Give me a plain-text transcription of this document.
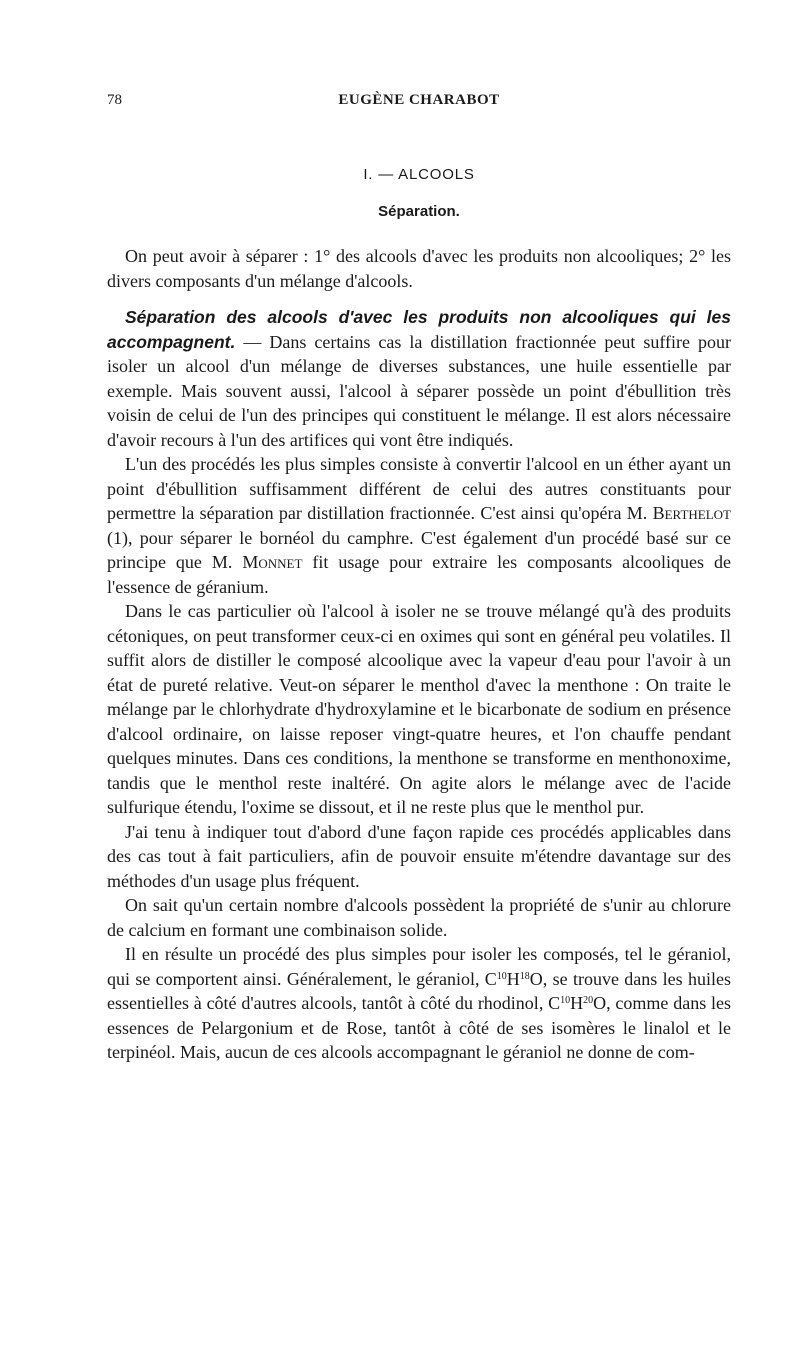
78	EUGÈNE CHARABOT
I. — ALCOOLS
Séparation.

On peut avoir à séparer : 1° des alcools d'avec les produits non alcooliques; 2° les divers composants d'un mélange d'alcools.

Séparation des alcools d'avec les produits non alcooliques qui les accompagnent. — Dans certains cas la distillation fractionnée peut suffire pour isoler un alcool d'un mélange de diverses substances, une huile essentielle par exemple. Mais souvent aussi, l'alcool à séparer possède un point d'ébullition très voisin de celui de l'un des principes qui constituent le mélange. Il est alors nécessaire d'avoir recours à l'un des artifices qui vont être indiqués.

L'un des procédés les plus simples consiste à convertir l'alcool en un éther ayant un point d'ébullition suffisamment différent de celui des autres constituants pour permettre la séparation par distillation fractionnée. C'est ainsi qu'opéra M. Berthelot (1), pour séparer le bornéol du camphre. C'est également d'un procédé basé sur ce principe que M. Monnet fit usage pour extraire les composants alcooliques de l'essence de géranium.

Dans le cas particulier où l'alcool à isoler ne se trouve mélangé qu'à des produits cétoniques, on peut transformer ceux-ci en oximes qui sont en général peu volatiles. Il suffit alors de distiller le composé alcoolique avec la vapeur d'eau pour l'avoir à un état de pureté relative. Veut-on séparer le menthol d'avec la menthone : On traite le mélange par le chlorhydrate d'hydroxylamine et le bicarbonate de sodium en présence d'alcool ordinaire, on laisse reposer vingt-quatre heures, et l'on chauffe pendant quelques minutes. Dans ces conditions, la menthone se transforme en menthonoxime, tandis que le menthol reste inaltéré. On agite alors le mélange avec de l'acide sulfurique étendu, l'oxime se dissout, et il ne reste plus que le menthol pur.

J'ai tenu à indiquer tout d'abord d'une façon rapide ces procédés applicables dans des cas tout à fait particuliers, afin de pouvoir ensuite m'étendre davantage sur des méthodes d'un usage plus fréquent.

On sait qu'un certain nombre d'alcools possèdent la propriété de s'unir au chlorure de calcium en formant une combinaison solide.

Il en résulte un procédé des plus simples pour isoler les composés, tel le géraniol, qui se comportent ainsi. Généralement, le géraniol, $C^{10}H^{18}O$, se trouve dans les huiles essentielles à côté d'autres alcools, tantôt à côté du rhodinol, $C^{10}H^{20}O$, comme dans les essences de Pelargonium et de Rose, tantôt à côté de ses isomères le linalol et le terpinéol. Mais, aucun de ces alcools accompagnant le géraniol ne donne de com-
